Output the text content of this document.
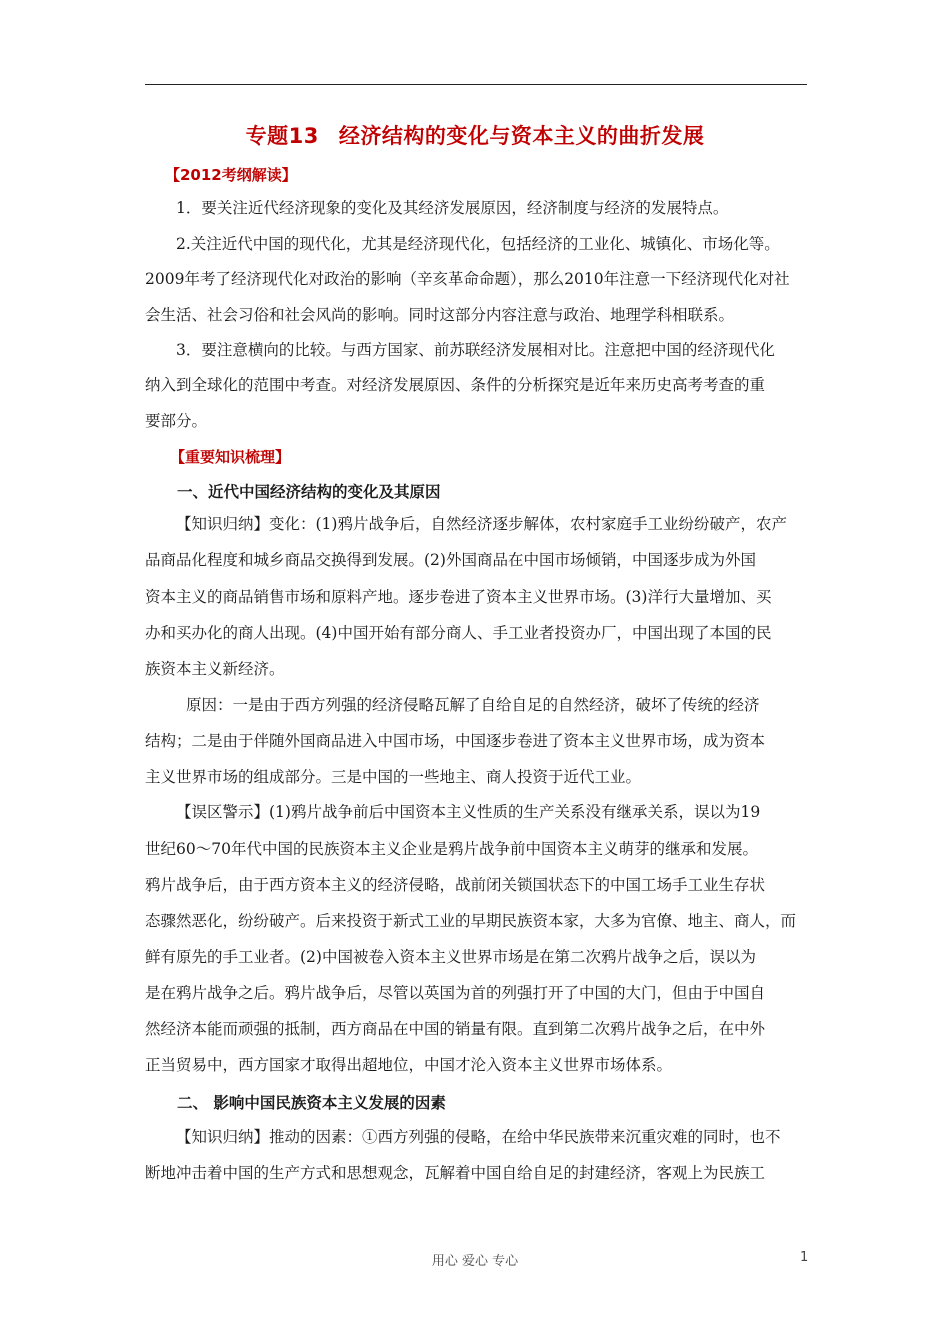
专题13 经济结构的变化与资本主义的曲折发展
【2012考纲解读】
1．要关注近代经济现象的变化及其经济发展原因，经济制度与经济的发展特点。
2.关注近代中国的现代化，尤其是经济现代化，包括经济的工业化、城镇化、市场化等。
2009年考了经济现代化对政治的影响（辛亥革命命题），那么2010年注意一下经济现代化对社
会生活、社会习俗和社会风尚的影响。同时这部分内容注意与政治、地理学科相联系。
3．要注意横向的比较。与西方国家、前苏联经济发展相对比。注意把中国的经济现代化
纳入到全球化的范围中考查。对经济发展原因、条件的分析探究是近年来历史高考考查的重
要部分。
【重要知识梳理】
一、近代中国经济结构的变化及其原因
【知识归纳】变化：(1)鸦片战争后，自然经济逐步解体，农村家庭手工业纷纷破产，农产
品商品化程度和城乡商品交换得到发展。(2)外国商品在中国市场倾销，中国逐步成为外国
资本主义的商品销售市场和原料产地。逐步卷进了资本主义世界市场。(3)洋行大量增加、买
办和买办化的商人出现。(4)中国开始有部分商人、手工业者投资办厂，中国出现了本国的民
族资本主义新经济。
原因：一是由于西方列强的经济侵略瓦解了自给自足的自然经济，破坏了传统的经济
结构；二是由于伴随外国商品进入中国市场，中国逐步卷进了资本主义世界市场，成为资本
主义世界市场的组成部分。三是中国的一些地主、商人投资于近代工业。
【误区警示】(1)鸦片战争前后中国资本主义性质的生产关系没有继承关系，误以为19
世纪60～70年代中国的民族资本主义企业是鸦片战争前中国资本主义萌芽的继承和发展。
鸦片战争后，由于西方资本主义的经济侵略，战前闭关锁国状态下的中国工场手工业生存状
态骤然恶化，纷纷破产。后来投资于新式工业的早期民族资本家，大多为官僚、地主、商人，而
鲜有原先的手工业者。(2)中国被卷入资本主义世界市场是在第二次鸦片战争之后，误以为
是在鸦片战争之后。鸦片战争后，尽管以英国为首的列强打开了中国的大门，但由于中国自
然经济本能而顽强的抵制，西方商品在中国的销量有限。直到第二次鸦片战争之后，在中外
正当贸易中，西方国家才取得出超地位，中国才沦入资本主义世界市场体系。
二、 影响中国民族资本主义发展的因素
【知识归纳】推动的因素：①西方列强的侵略，在给中华民族带来沉重灾难的同时，也不
断地冲击着中国的生产方式和思想观念，瓦解着中国自给自足的封建经济，客观上为民族工
用心 爱心 专心	1
